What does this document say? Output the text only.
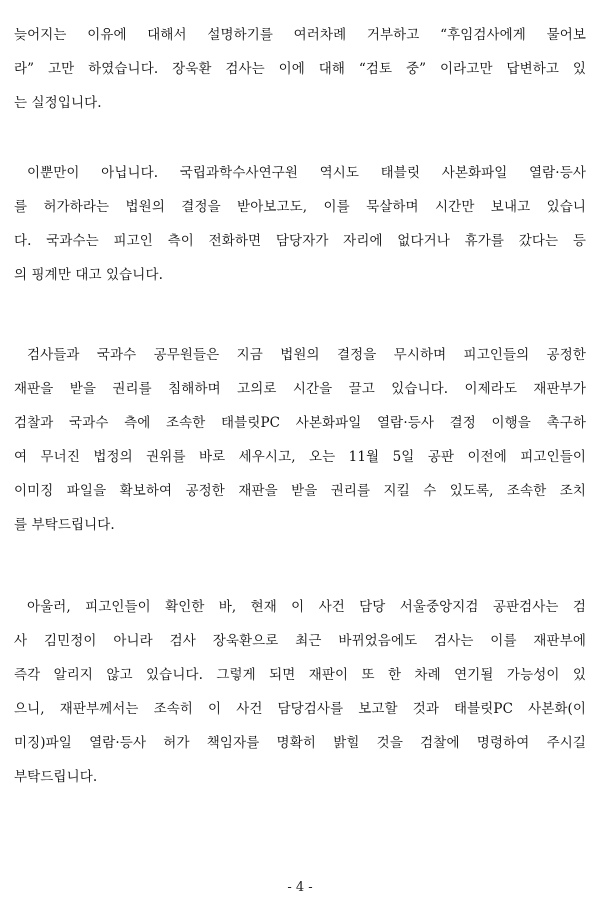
늦어지는 이유에 대해서 설명하기를 여러차례 거부하고 “후임검사에게 물어보
라” 고만 하였습니다. 장욱환 검사는 이에 대해 “검토 중” 이라고만 답변하고 있
는 실정입니다.
이뿐만이 아닙니다. 국립과학수사연구원 역시도 태블릿 사본화파일 열람·등사
를 허가하라는 법원의 결정을 받아보고도, 이를 묵살하며 시간만 보내고 있습니
다. 국과수는 피고인 측이 전화하면 담당자가 자리에 없다거나 휴가를 갔다는 등
의 핑계만 대고 있습니다.
검사들과 국과수 공무원들은 지금 법원의 결정을 무시하며 피고인들의 공정한
재판을 받을 권리를 침해하며 고의로 시간을 끌고 있습니다. 이제라도 재판부가
검찰과 국과수 측에 조속한 태블릿PC 사본화파일 열람·등사 결정 이행을 촉구하
여 무너진 법정의 권위를 바로 세우시고, 오는 11월 5일 공판 이전에 피고인들이
이미징 파일을 확보하여 공정한 재판을 받을 권리를 지킬 수 있도록, 조속한 조치
를 부탁드립니다.
아울러, 피고인들이 확인한 바, 현재 이 사건 담당 서울중앙지검 공판검사는 검
사 김민정이 아니라 검사 장욱환으로 최근 바뀌었음에도 검사는 이를 재판부에
즉각 알리지 않고 있습니다. 그렇게 되면 재판이 또 한 차례 연기될 가능성이 있
으니, 재판부께서는 조속히 이 사건 담당검사를 보고할 것과 태블릿PC 사본화(이
미징)파일 열람·등사 허가 책임자를 명확히 밝힐 것을 검찰에 명령하여 주시길
부탁드립니다.
- 4 -
